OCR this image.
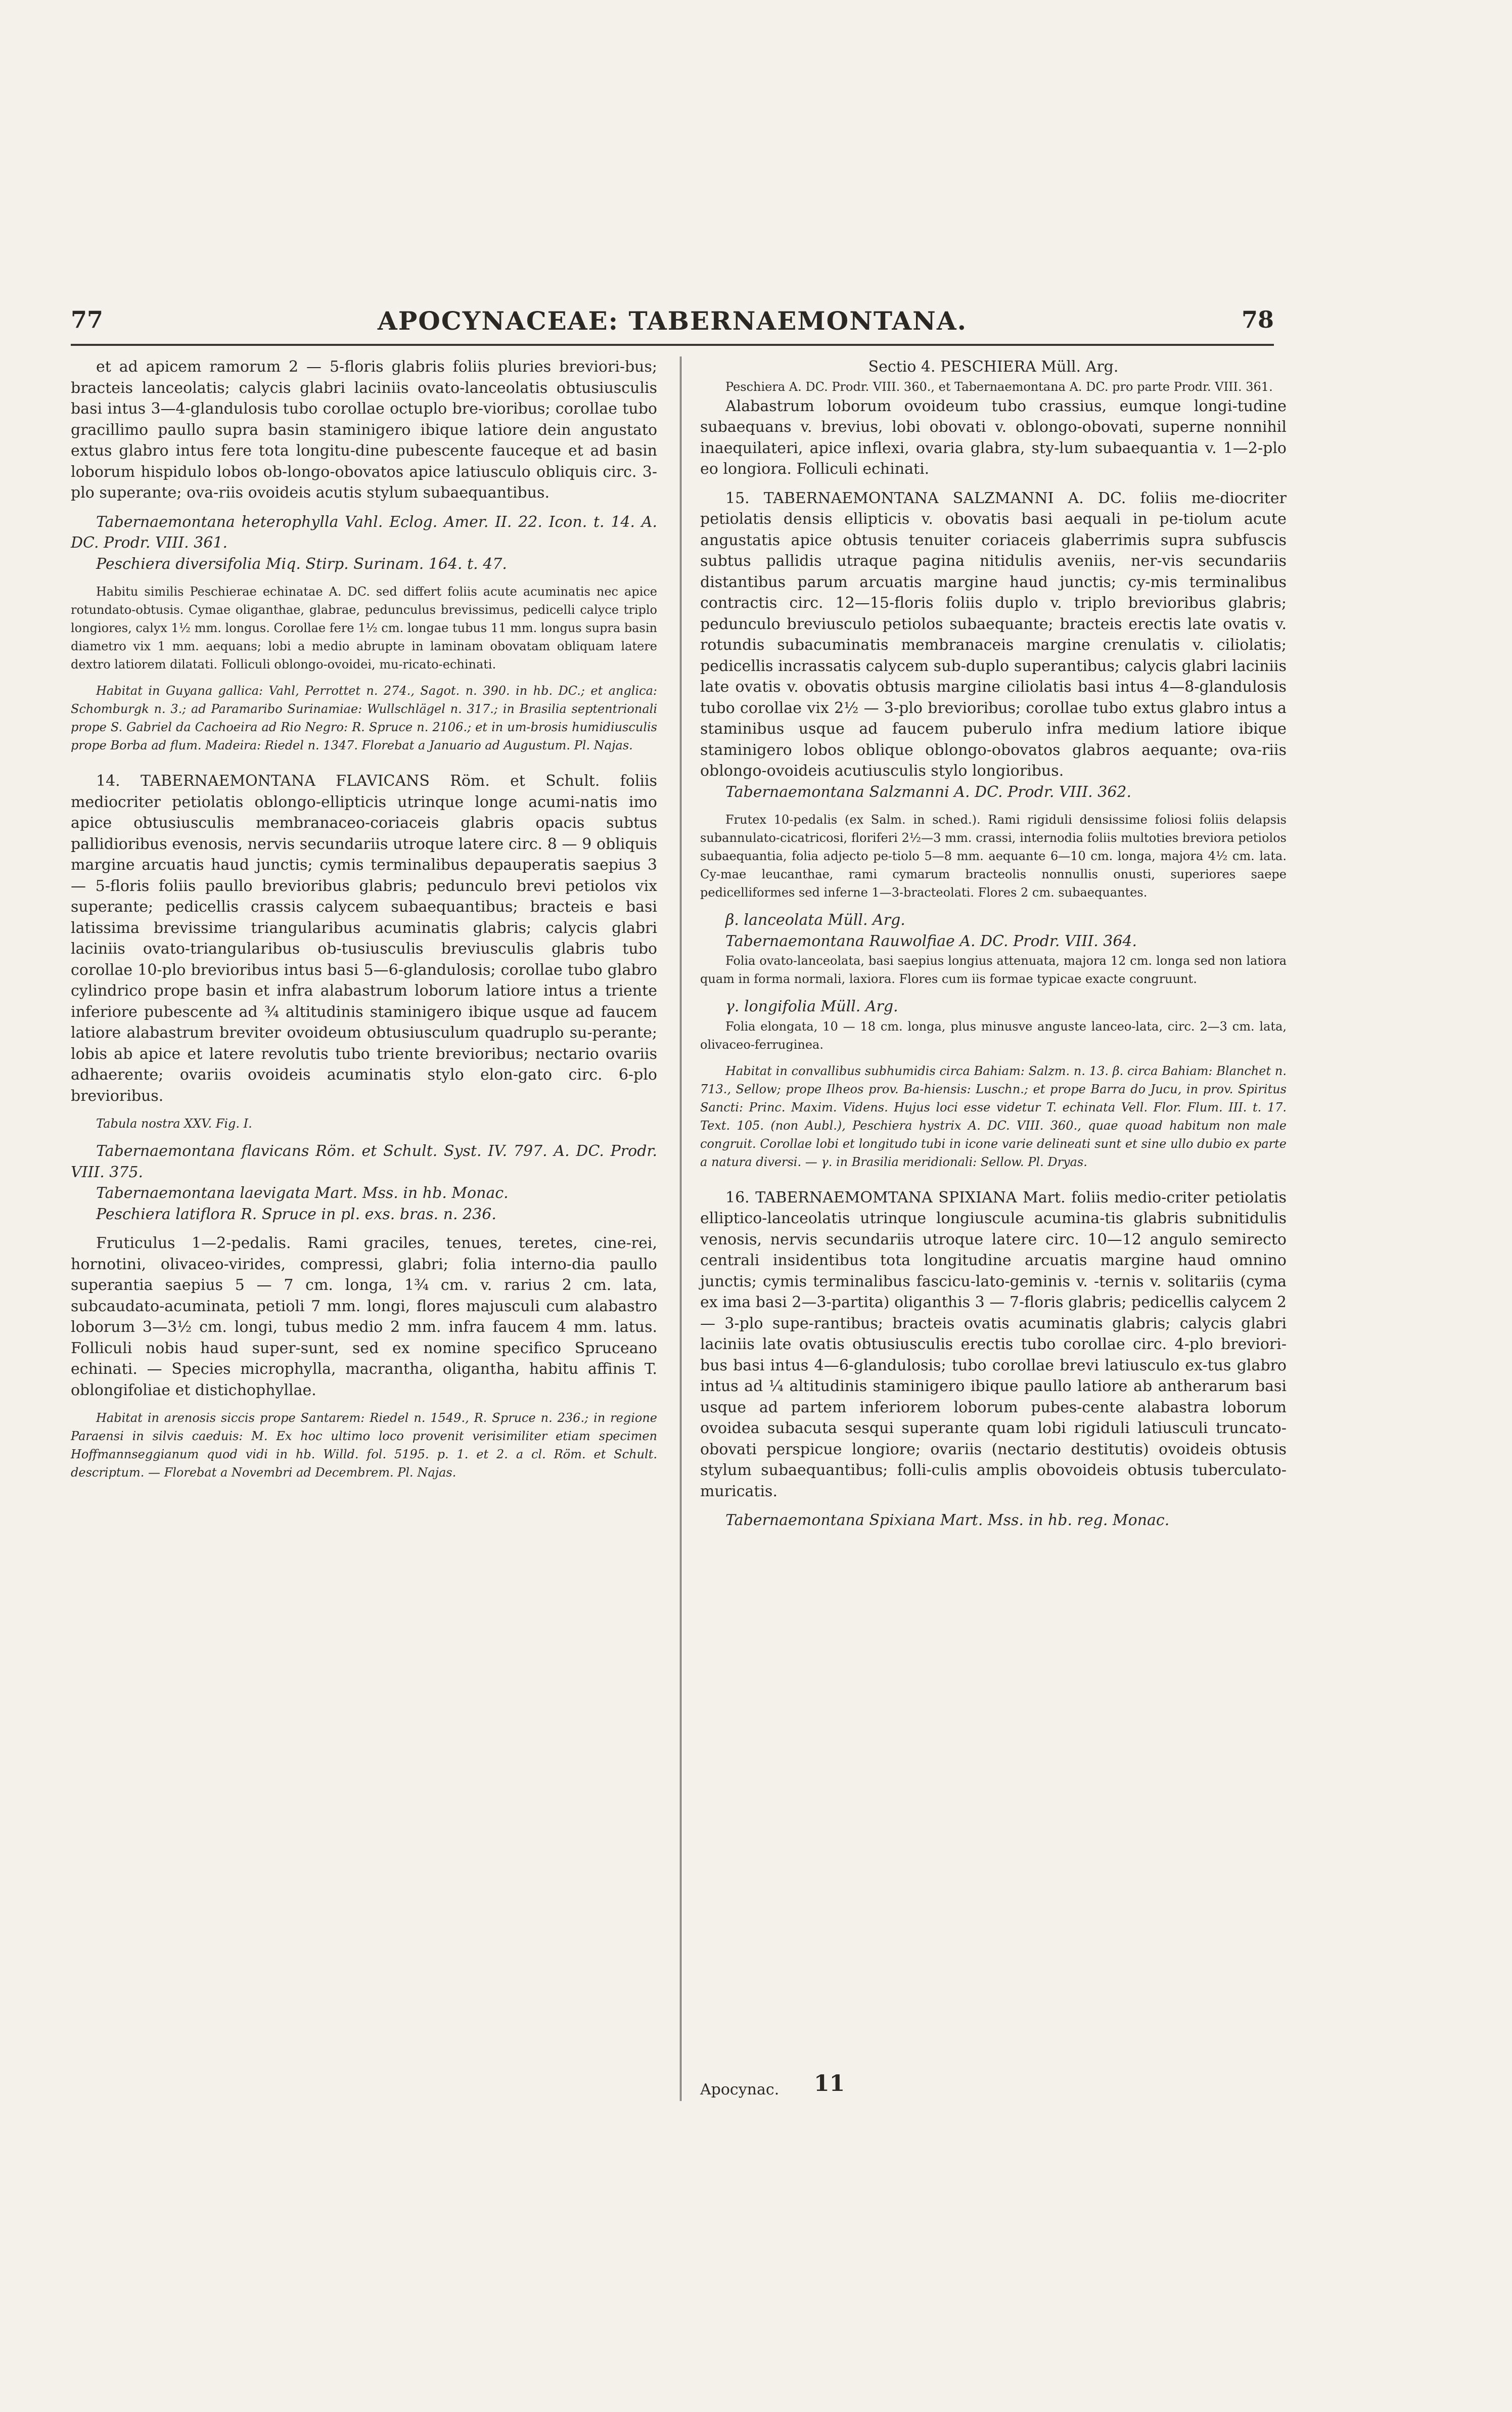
77	APOCYNACEAE: TABERNAEMONTANA.	78

et ad apicem ramorum 2 — 5-floris glabris foliis pluries breviori-bus; bracteis lanceolatis; calycis glabri laciniis ovato-lanceolatis obtusiusculis basi intus 3—4-glandulosis tubo corollae octuplo bre-vioribus; corollae tubo gracillimo paullo supra basin staminigero ibique latiore dein angustato extus glabro intus fere tota longitu-dine pubescente fauceque et ad basin loborum hispidulo lobos ob-longo-obovatos apice latiusculo obliquis circ. 3-plo superante; ova-riis ovoideis acutis stylum subaequantibus.

Tabernaemontana heterophylla Vahl. Eclog. Amer. II. 22. Icon. t. 14. A. DC. Prodr. VIII. 361.

Peschiera diversifolia Miq. Stirp. Surinam. 164. t. 47.

Habitu similis Peschierae echinatae A. DC. sed differt foliis acute acuminatis nec apice rotundato-obtusis. Cymae oliganthae, glabrae, pedunculus brevissimus, pedicelli calyce triplo longiores, calyx 1½ mm. longus. Corollae fere 1½ cm. longae tubus 11 mm. longus supra basin diametro vix 1 mm. aequans; lobi a medio abrupte in laminam obovatam obliquam latere dextro latiorem dilatati. Folliculi oblongo-ovoidei, mu-ricato-echinati.

Habitat in Guyana gallica: Vahl, Perrottet n. 274., Sagot. n. 390. in hb. DC.; et anglica: Schomburgk n. 3.; ad Paramaribo Surinamiae: Wullschlägel n. 317.; in Brasilia septentrionali prope S. Gabriel da Cachoeira ad Rio Negro: R. Spruce n. 2106.; et in um-brosis humidiusculis prope Borba ad flum. Madeira: Riedel n. 1347. Florebat a Januario ad Augustum. Pl. Najas.

14. TABERNAEMONTANA FLAVICANS Röm. et Schult. foliis mediocriter petiolatis oblongo-ellipticis utrinque longe acumi-natis imo apice obtusiusculis membranaceo-coriaceis glabris opacis subtus pallidioribus evenosis, nervis secundariis utroque latere circ. 8 — 9 obliquis margine arcuatis haud junctis; cymis terminalibus depauperatis saepius 3 — 5-floris foliis paullo brevioribus glabris; pedunculo brevi petiolos vix superante; pedicellis crassis calycem subaequantibus; bracteis e basi latissima brevissime triangularibus acuminatis glabris; calycis glabri laciniis ovato-triangularibus ob-tusiusculis breviusculis glabris tubo corollae 10-plo brevioribus intus basi 5—6-glandulosis; corollae tubo glabro cylindrico prope basin et infra alabastrum loborum latiore intus a triente inferiore pubescente ad ¾ altitudinis staminigero ibique usque ad faucem latiore alabastrum breviter ovoideum obtusiusculum quadruplo su-perante; lobis ab apice et latere revolutis tubo triente brevioribus; nectario ovariis adhaerente; ovariis ovoideis acuminatis stylo elon-gato circ. 6-plo brevioribus.

Tabula nostra XXV. Fig. I.

Tabernaemontana flavicans Röm. et Schult. Syst. IV. 797. A. DC. Prodr. VIII. 375.

Tabernaemontana laevigata Mart. Mss. in hb. Monac.

Peschiera latiflora R. Spruce in pl. exs. bras. n. 236.

Fruticulus 1—2-pedalis. Rami graciles, tenues, teretes, cine-rei, hornotini, olivaceo-virides, compressi, glabri; folia interno-dia paullo superantia saepius 5 — 7 cm. longa, 1¾ cm. v. rarius 2 cm. lata, subcaudato-acuminata, petioli 7 mm. longi, flores majusculi cum alabastro loborum 3—3½ cm. longi, tubus medio 2 mm. infra faucem 4 mm. latus. Folliculi nobis haud super-sunt, sed ex nomine specifico Spruceano echinati. — Species microphylla, macrantha, oligantha, habitu affinis T. oblongifoliae et distichophyllae.

Habitat in arenosis siccis prope Santarem: Riedel n. 1549., R. Spruce n. 236.; in regione Paraensi in silvis caeduis: M. Ex hoc ultimo loco provenit verisimiliter etiam specimen Hoffmannseggianum quod vidi in hb. Willd. fol. 5195. p. 1. et 2. a cl. Röm. et Schult. descriptum. — Florebat a Novembri ad Decembrem. Pl. Najas.

Sectio 4. PESCHIERA Müll. Arg.

Peschiera A. DC. Prodr. VIII. 360., et Tabernaemontana A. DC. pro parte Prodr. VIII. 361.

Alabastrum loborum ovoideum tubo crassius, eumque longi-tudine subaequans v. brevius, lobi obovati v. oblongo-obovati, superne nonnihil inaequilateri, apice inflexi, ovaria glabra, sty-lum subaequantia v. 1—2-plo eo longiora. Folliculi echinati.

15. TABERNAEMONTANA SALZMANNI A. DC. foliis me-diocriter petiolatis densis ellipticis v. obovatis basi aequali in pe-tiolum acute angustatis apice obtusis tenuiter coriaceis glaberrimis supra subfuscis subtus pallidis utraque pagina nitidulis aveniis, ner-vis secundariis distantibus parum arcuatis margine haud junctis; cy-mis terminalibus contractis circ. 12—15-floris foliis duplo v. triplo brevioribus glabris; pedunculo breviusculo petiolos subaequante; bracteis erectis late ovatis v. rotundis subacuminatis membranaceis margine crenulatis v. ciliolatis; pedicellis incrassatis calycem sub-duplo superantibus; calycis glabri laciniis late ovatis v. obovatis obtusis margine ciliolatis basi intus 4—8-glandulosis tubo corollae vix 2½ — 3-plo brevioribus; corollae tubo extus glabro intus a staminibus usque ad faucem puberulo infra medium latiore ibique staminigero lobos oblique oblongo-obovatos glabros aequante; ova-riis oblongo-ovoideis acutiusculis stylo longioribus.

Tabernaemontana Salzmanni A. DC. Prodr. VIII. 362.

Frutex 10-pedalis (ex Salm. in sched.). Rami rigiduli densissime foliosi foliis delapsis subannulato-cicatricosi, floriferi 2½—3 mm. crassi, internodia foliis multoties breviora petiolos subaequantia, folia adjecto pe-tiolo 5—8 mm. aequante 6—10 cm. longa, majora 4½ cm. lata. Cy-mae leucanthae, rami cymarum bracteolis nonnullis onusti, superiores saepe pedicelliformes sed inferne 1—3-bracteolati. Flores 2 cm. subaequantes.

β. lanceolata Müll. Arg.

Tabernaemontana Rauwolfiae A. DC. Prodr. VIII. 364.

Folia ovato-lanceolata, basi saepius longius attenuata, majora 12 cm. longa sed non latiora quam in forma normali, laxiora. Flores cum iis formae typicae exacte congruunt.

γ. longifolia Müll. Arg.

Folia elongata, 10 — 18 cm. longa, plus minusve anguste lanceo-lata, circ. 2—3 cm. lata, olivaceo-ferruginea.

Habitat in convallibus subhumidis circa Bahiam: Salzm. n. 13. β. circa Bahiam: Blanchet n. 713., Sellow; prope Ilheos prov. Ba-hiensis: Luschn.; et prope Barra do Jucu, in prov. Spiritus Sancti: Princ. Maxim. Videns. Hujus loci esse videtur T. echinata Vell. Flor. Flum. III. t. 17. Text. 105. (non Aubl.), Peschiera hystrix A. DC. VIII. 360., quae quoad habitum non male congruit. Corollae lobi et longitudo tubi in icone varie delineati sunt et sine ullo dubio ex parte a natura diversi. — γ. in Brasilia meridionali: Sellow. Pl. Dryas.

16. TABERNAEMOMTANA SPIXIANA Mart. foliis medio-criter petiolatis elliptico-lanceolatis utrinque longiuscule acumina-tis glabris subnitidulis venosis, nervis secundariis utroque latere circ. 10—12 angulo semirecto centrali insidentibus tota longitudine arcuatis margine haud omnino junctis; cymis terminalibus fascicu-lato-geminis v. -ternis v. solitariis (cyma ex ima basi 2—3-partita) oliganthis 3 — 7-floris glabris; pedicellis calycem 2 — 3-plo supe-rantibus; bracteis ovatis acuminatis glabris; calycis glabri laciniis late ovatis obtusiusculis erectis tubo corollae circ. 4-plo breviori-bus basi intus 4—6-glandulosis; tubo corollae brevi latiusculo ex-tus glabro intus ad ¼ altitudinis staminigero ibique paullo latiore ab antherarum basi usque ad partem inferiorem loborum pubes-cente alabastra loborum ovoidea subacuta sesqui superante quam lobi rigiduli latiusculi truncato-obovati perspicue longiore; ovariis (nectario destitutis) ovoideis obtusis stylum subaequantibus; folli-culis amplis obovoideis obtusis tuberculato-muricatis.

Tabernaemontana Spixiana Mart. Mss. in hb. reg. Monac.

Apocynac. 11
